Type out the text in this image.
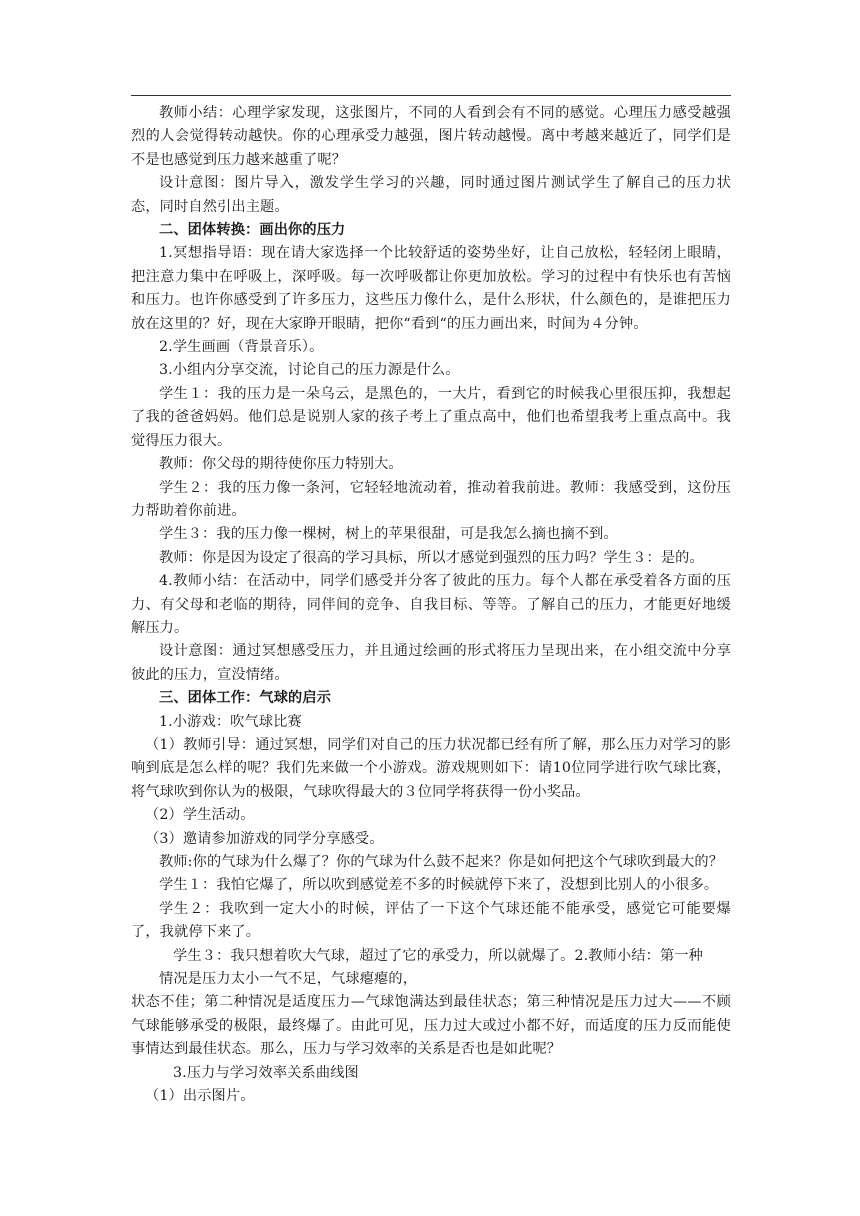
教师小结：心理学家发现，这张图片，不同的人看到会有不同的感觉。心理压力感受越强烈的人会觉得转动越快。你的心理承受力越强，图片转动越慢。离中考越来越近了，同学们是不是也感觉到压力越来越重了呢？

设计意图：图片导入，激发学生学习的兴趣，同时通过图片测试学生了解自己的压力状态，同时自然引出主题。

二、团体转换：画出你的压力

1.冥想指导语：现在请大家选择一个比较舒适的姿势坐好，让自己放松，轻轻闭上眼睛，把注意力集中在呼吸上，深呼吸。每一次呼吸都让你更加放松。学习的过程中有快乐也有苦恼和压力。也许你感受到了许多压力，这些压力像什么，是什么形状，什么颜色的，是谁把压力放在这里的？好，现在大家睁开眼睛，把你“看到“的压力画出来，时间为４分钟。

2.学生画画（背景音乐）。

3.小组内分享交流，讨论自己的压力源是什么。

学生１：我的压力是一朵乌云，是黑色的，一大片，看到它的时候我心里很压抑，我想起了我的爸爸妈妈。他们总是说别人家的孩子考上了重点高中，他们也希望我考上重点高中。我觉得压力很大。

教师：你父母的期待使你压力特别大。

学生２：我的压力像一条河，它轻轻地流动着，推动着我前进。教师：我感受到，这份压力帮助着你前进。

学生３：我的压力像一棵树，树上的苹果很甜，可是我怎么摘也摘不到。

教师：你是因为设定了很高的学习具标，所以才感觉到强烈的压力吗？学生３：是的。

4.教师小结：在活动中，同学们感受并分客了彼此的压力。每个人都在承受着各方面的压力、有父母和老临的期待，同伴间的竞争、自我目标、等等。了解自己的压力，才能更好地缓解压力。

设计意图：通过冥想感受压力，并且通过绘画的形式将压力呈现出来，在小组交流中分享彼此的压力，宣没情绪。

三、团体工作：气球的启示

1.小游戏：吹气球比赛

（1）教师引导：通过冥想，同学们对自己的压力状况都已经有所了解，那么压力对学习的影响到底是怎么样的呢？我们先来做一个小游戏。游戏规则如下：请10位同学进行吹气球比赛，将气球吹到你认为的极限，气球吹得最大的３位同学将获得一份小奖品。

（2）学生活动。

（3）邀请参加游戏的同学分享感受。

教师:你的气球为什么爆了？你的气球为什么鼓不起来？你是如何把这个气球吹到最大的？

学生１：我怕它爆了，所以吹到感觉差不多的时候就停下来了，没想到比别人的小很多。

学生２：我吹到一定大小的时候，评估了一下这个气球还能不能承受，感觉它可能要爆了，我就停下来了。

学生３：我只想着吹大气球，超过了它的承受力，所以就爆了。2.教师小结：第一种

情况是压力太小一气不足，气球瘪瘪的，

状态不佳；第二种情况是适度压力—气球饱满达到最佳状态；第三种情况是压力过大——不顾气球能够承受的极限，最终爆了。由此可见，压力过大或过小都不好，而适度的压力反而能使事情达到最佳状态。那么，压力与学习效率的关系是否也是如此呢？

3.压力与学习效率关系曲线图

（1）出示图片。
